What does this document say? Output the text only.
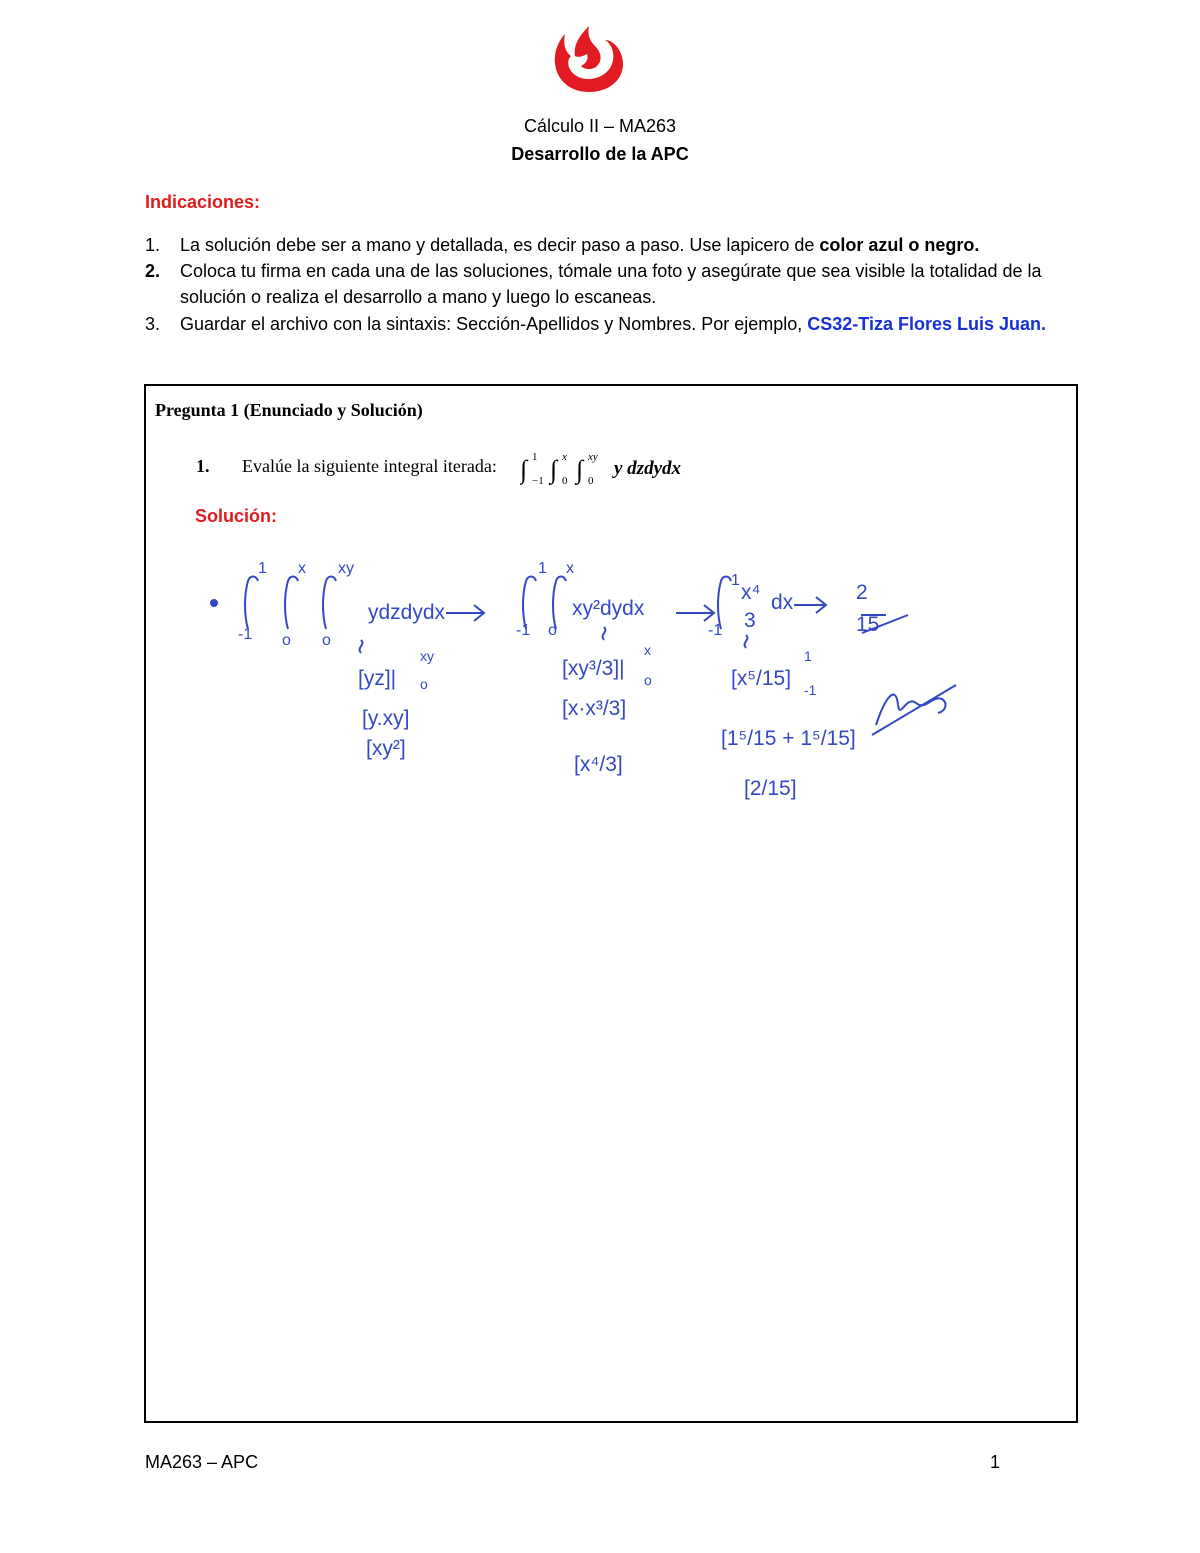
Cálculo II – MA263
Desarrollo de la APC
Indicaciones:
1.	La solución debe ser a mano y detallada, es decir paso a paso. Use lapicero de color azul o negro.
2.	Coloca tu firma en cada una de las soluciones, tómale una foto y asegúrate que sea visible la totalidad de la solución o realiza el desarrollo a mano y luego lo escaneas.
3.	Guardar el archivo con la sintaxis: Sección-Apellidos y Nombres. Por ejemplo, CS32-Tiza Flores Luis Juan.
Pregunta 1 (Enunciado y Solución)
1. Evalúe la siguiente integral iterada: ∫ 1
−1 ∫ x
0 ∫ xy
0
y dzdydx
Solución:
1
-1
x
o
xy
o
1
-1
x
o
1
-1
ydzdydx	xy²dydx
x⁴
3
dx	2
15
[yz]|
xy
o
[y.xy]
[xy²]
[xy³/3]|
x
o
[x·x³/3]
[x⁴/3]
[x⁵/15]
1
-1
[1⁵/15 + 1⁵/15]
[2/15]
MA263 – APC	1
